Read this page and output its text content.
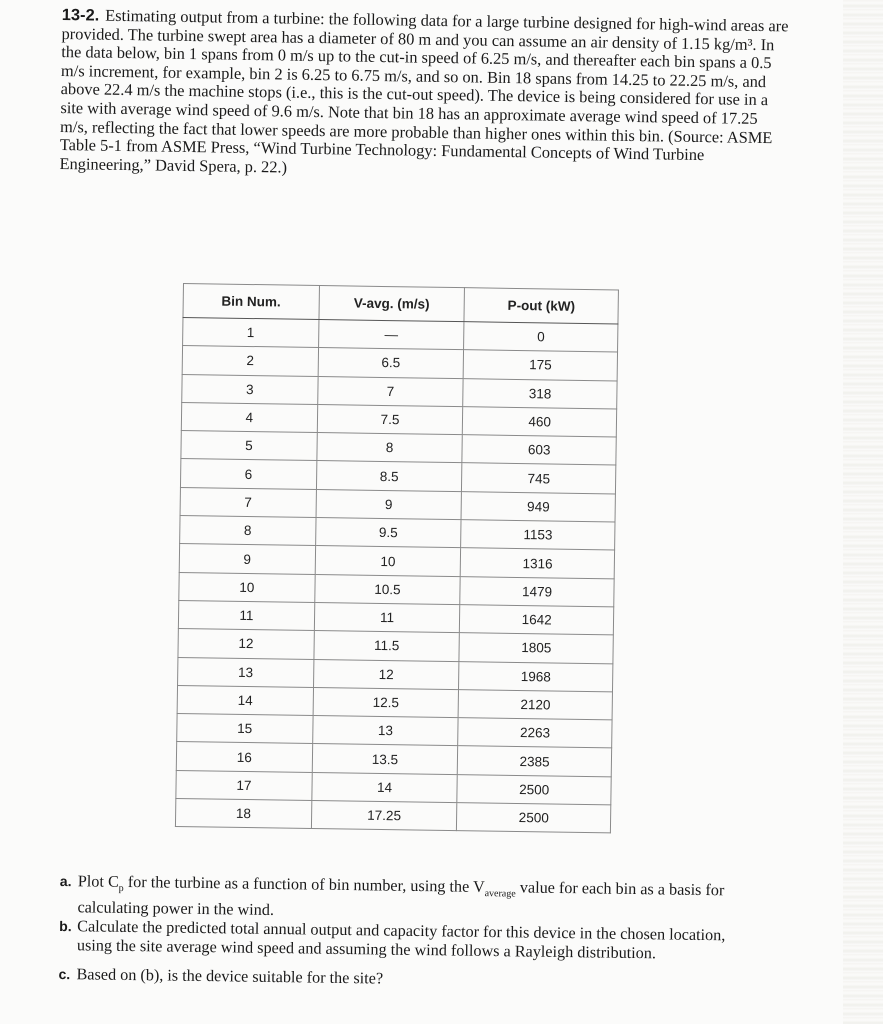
13-2. Estimating output from a turbine: the following data for a large turbine designed for high-wind areas are provided. The turbine swept area has a diameter of 80 m and you can assume an air density of 1.15 kg/m³. In the data below, bin 1 spans from 0 m/s up to the cut-in speed of 6.25 m/s, and thereafter each bin spans a 0.5 m/s increment, for example, bin 2 is 6.25 to 6.75 m/s, and so on. Bin 18 spans from 14.25 to 22.25 m/s, and above 22.4 m/s the machine stops (i.e., this is the cut-out speed). The device is being considered for use in a site with average wind speed of 9.6 m/s. Note that bin 18 has an approximate average wind speed of 17.25 m/s, reflecting the fact that lower speeds are more probable than higher ones within this bin. (Source: ASME Table 5-1 from ASME Press, “Wind Turbine Technology: Fundamental Concepts of Wind Turbine Engineering,” David Spera, p. 22.)
Bin Num.	V-avg. (m/s)	P-out (kW)
1	—	0
2	6.5	175
3	7	318
4	7.5	460
5	8	603
6	8.5	745
7	9	949
8	9.5	1153
9	10	1316
10	10.5	1479
11	11	1642
12	11.5	1805
13	12	1968
14	12.5	2120
15	13	2263
16	13.5	2385
17	14	2500
18	17.25	2500
a. Plot $C_p$ for the turbine as a function of bin number, using the $V_{average}$ value for each bin as a basis for calculating power in the wind.
b. Calculate the predicted total annual output and capacity factor for this device in the chosen location, using the site average wind speed and assuming the wind follows a Rayleigh distribution.
c. Based on (b), is the device suitable for the site?
